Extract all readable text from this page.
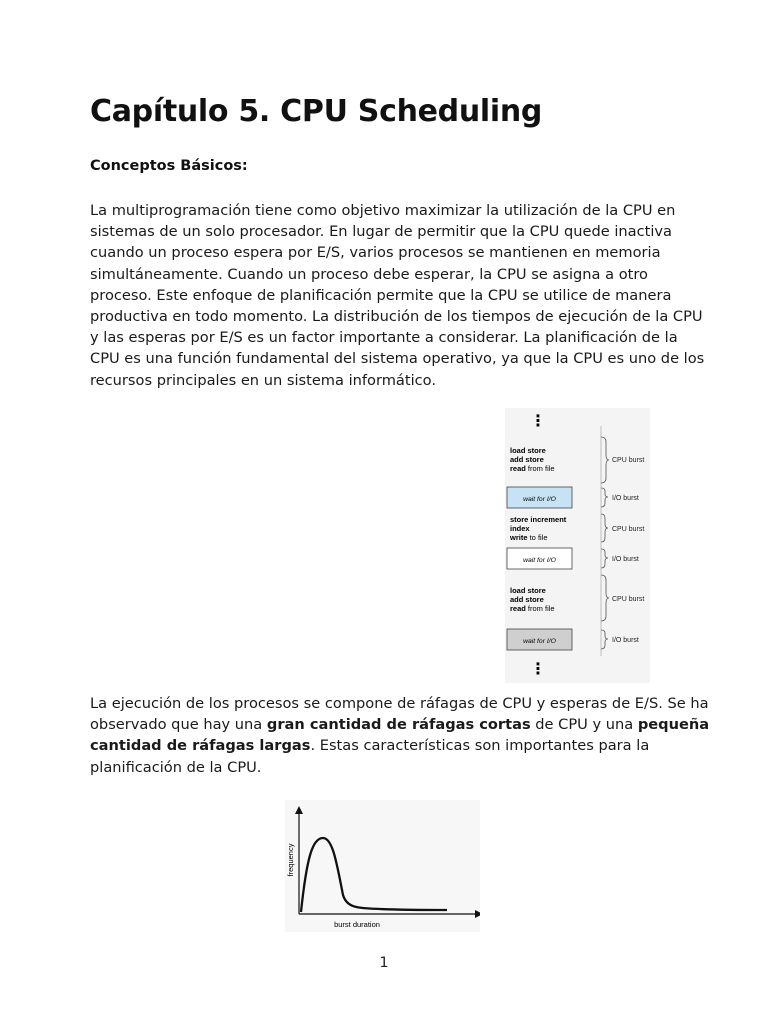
Capítulo 5. CPU Scheduling

Conceptos Básicos:

La multiprogramación tiene como objetivo maximizar la utilización de la CPU en
sistemas de un solo procesador. En lugar de permitir que la CPU quede inactiva
cuando un proceso espera por E/S, varios procesos se mantienen en memoria
simultáneamente. Cuando un proceso debe esperar, la CPU se asigna a otro
proceso. Este enfoque de planificación permite que la CPU se utilice de manera
productiva en todo momento. La distribución de los tiempos de ejecución de la CPU
y las esperas por E/S es un factor importante a considerar. La planificación de la
CPU es una función fundamental del sistema operativo, ya que la CPU es uno de los
recursos principales en un sistema informático.

⋮
load store
add store
read from file
CPU burst
wait for I/O	I/O burst
store increment
index
write to file
CPU burst
wait for I/O	I/O burst
load store
add store
read from file
CPU burst
wait for I/O	I/O burst
⋮

La ejecución de los procesos se compone de ráfagas de CPU y esperas de E/S. Se ha
observado que hay una gran cantidad de ráfagas cortas de CPU y una pequeña
cantidad de ráfagas largas. Estas características son importantes para la
planificación de la CPU.

frequency
burst duration
1
